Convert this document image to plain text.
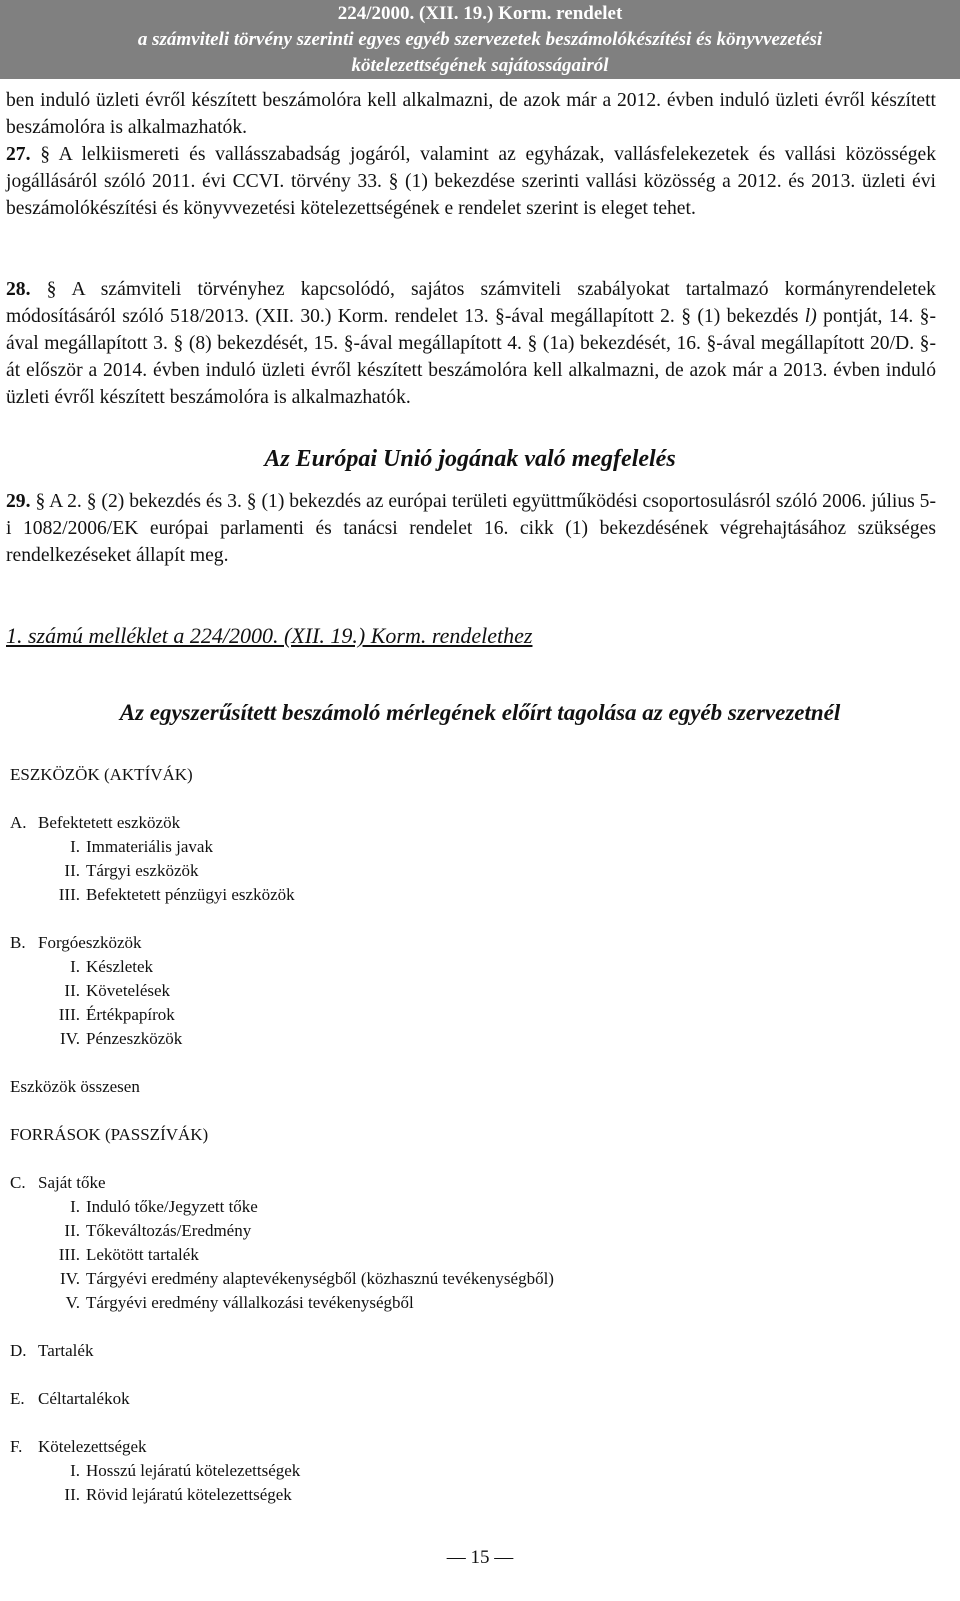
224/2000. (XII. 19.) Korm. rendelet
a számviteli törvény szerinti egyes egyéb szervezetek beszámolókészítési és könyvvezetési
kötelezettségének sajátosságairól

ben induló üzleti évről készített beszámolóra kell alkalmazni, de azok már a 2012. évben induló üzleti évről készített beszámolóra is alkalmazhatók.

27. § A lelkiismereti és vallásszabadság jogáról, valamint az egyházak, vallásfelekezetek és vallási közösségek jogállásáról szóló 2011. évi CCVI. törvény 33. § (1) bekezdése szerinti vallási közösség a 2012. és 2013. üzleti évi beszámolókészítési és könyvvezetési kötelezettségének e rendelet szerint is eleget tehet.

28. § A számviteli törvényhez kapcsolódó, sajátos számviteli szabályokat tartalmazó kormányrendeletek módosításáról szóló 518/2013. (XII. 30.) Korm. rendelet 13. §-ával megállapított 2. § (1) bekezdés l) pontját, 14. §-ával megállapított 3. § (8) bekezdését, 15. §-ával megállapított 4. § (1a) bekezdését, 16. §-ával megállapított 20/D. §-át először a 2014. évben induló üzleti évről készített beszámolóra kell alkalmazni, de azok már a 2013. évben induló üzleti évről készített beszámolóra is alkalmazhatók.

Az Európai Unió jogának való megfelelés

29. § A 2. § (2) bekezdés és 3. § (1) bekezdés az európai területi együttműködési csoportosulásról szóló 2006. július 5-i 1082/2006/EK európai parlamenti és tanácsi rendelet 16. cikk (1) bekezdésének végrehajtásához szükséges rendelkezéseket állapít meg.

1. számú melléklet a 224/2000. (XII. 19.) Korm. rendelethez
Az egyszerűsített beszámoló mérlegének előírt tagolása az egyéb szervezetnél
ESZKÖZÖK (AKTÍVÁK)
A. Befektetett eszközök
I. Immateriális javak
II. Tárgyi eszközök
III. Befektetett pénzügyi eszközök
B. Forgóeszközök
I. Készletek
II. Követelések
III. Értékpapírok
IV. Pénzeszközök
Eszközök összesen
FORRÁSOK (PASSZÍVÁK)
C. Saját tőke
I. Induló tőke/Jegyzett tőke
II. Tőkeváltozás/Eredmény
III. Lekötött tartalék
IV. Tárgyévi eredmény alaptevékenységből (közhasznú tevékenységből)
V. Tárgyévi eredmény vállalkozási tevékenységből
D. Tartalék
E. Céltartalékok
F. Kötelezettségek
I. Hosszú lejáratú kötelezettségek
II. Rövid lejáratú kötelezettségek
— 15 —
